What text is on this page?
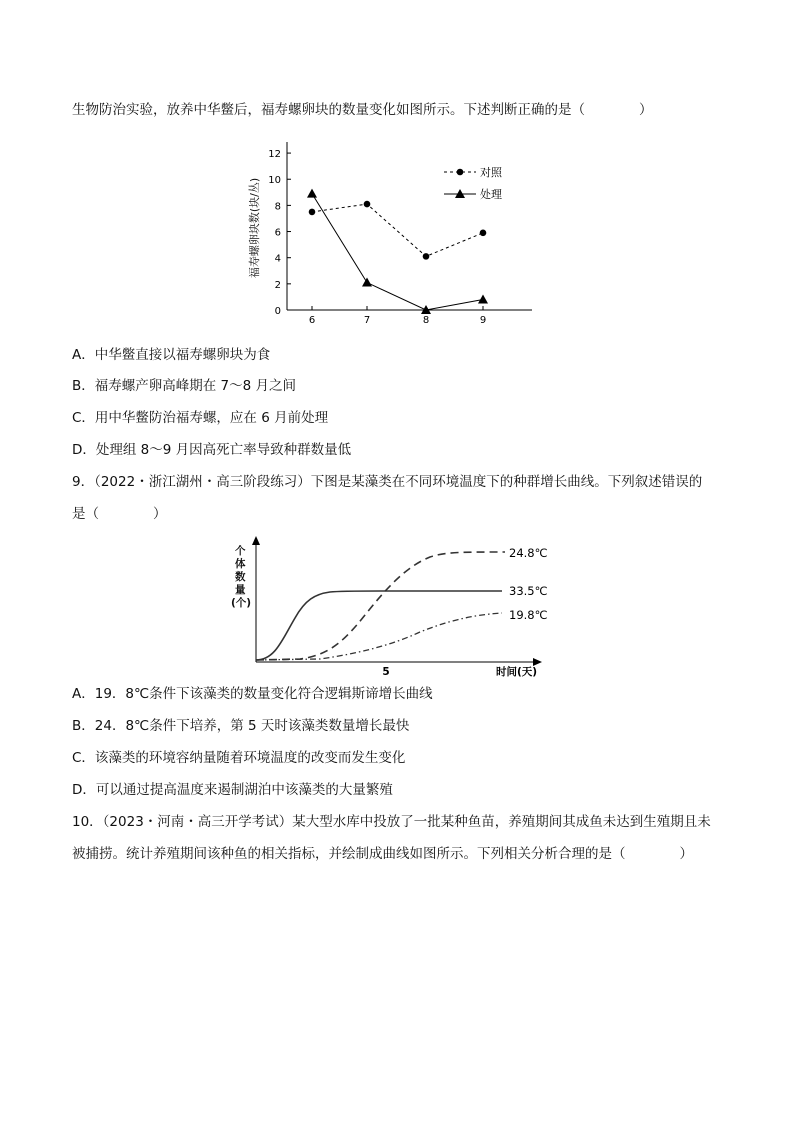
生物防治实验，放养中华鳖后，福寿螺卵块的数量变化如图所示。下述判断正确的是（　　　　）
福寿螺卵块数(块/丛)
0
2
4
6
8
10
12
6	7	8	9
对照
处理
A．中华鳖直接以福寿螺卵块为食
B．福寿螺产卵高峰期在 7～8 月之间
C．用中华鳖防治福寿螺，应在 6 月前处理
D．处理组 8～9 月因高死亡率导致种群数量低
9．（2022・浙江湖州・高三阶段练习）下图是某藻类在不同环境温度下的种群增长曲线。下列叙述错误的
是（　　　　）
个 体 数 量 (个)
5	时间(天)
24.8℃
33.5℃
19.8℃
A．19．8℃条件下该藻类的数量变化符合逻辑斯谛增长曲线
B．24．8℃条件下培养，第 5 天时该藻类数量增长最快
C．该藻类的环境容纳量随着环境温度的改变而发生变化
D．可以通过提高温度来遏制湖泊中该藻类的大量繁殖
10．（2023・河南・高三开学考试）某大型水库中投放了一批某种鱼苗，养殖期间其成鱼未达到生殖期且未
被捕捞。统计养殖期间该种鱼的相关指标，并绘制成曲线如图所示。下列相关分析合理的是（　　　　）
